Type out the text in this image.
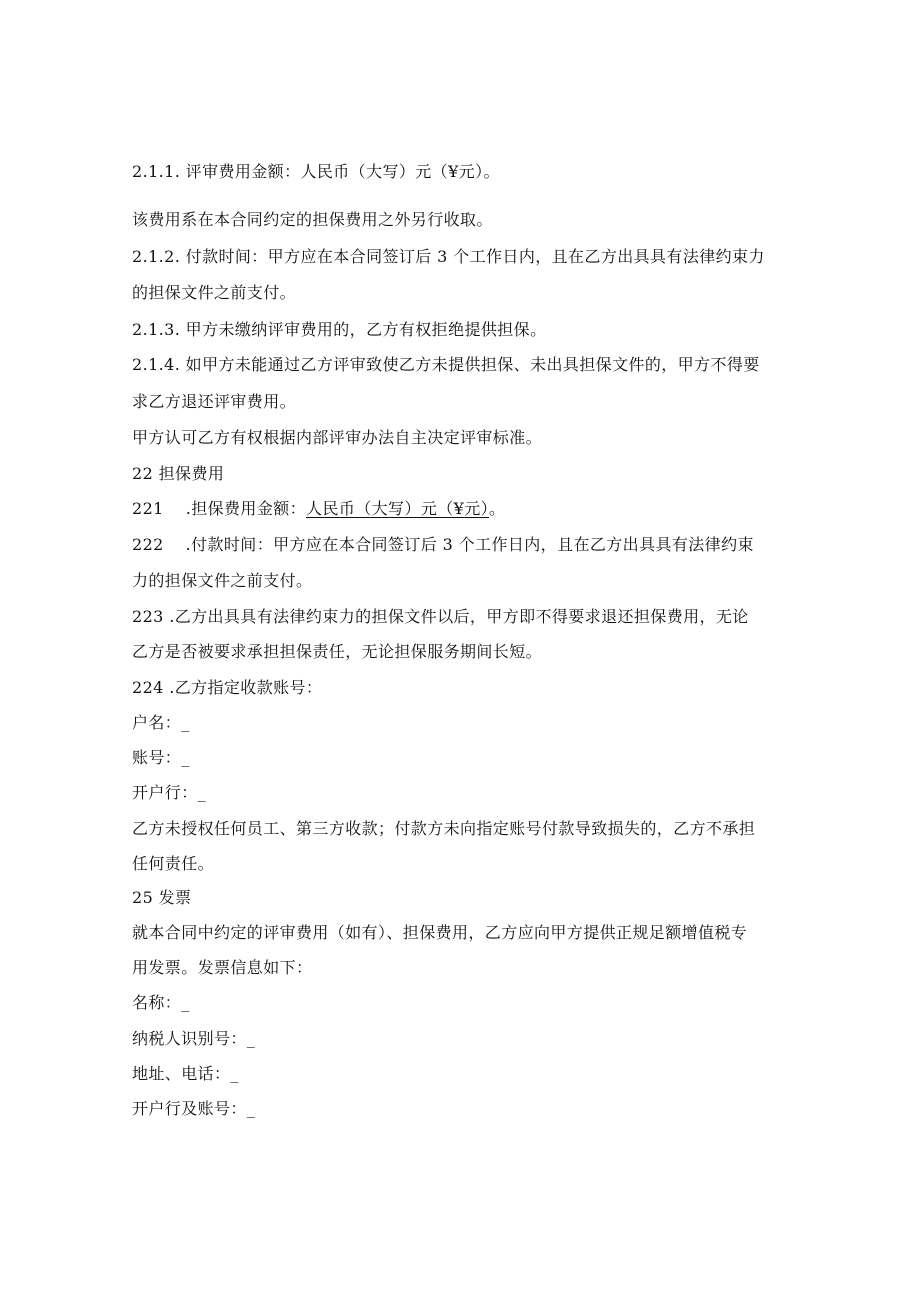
2.1.1. 评审费用金额：人民币（大写）元（¥元）。
该费用系在本合同约定的担保费用之外另行收取。
2.1.2. 付款时间：甲方应在本合同签订后 3 个工作日内，且在乙方出具具有法律约束力
的担保文件之前支付。
2.1.3. 甲方未缴纳评审费用的，乙方有权拒绝提供担保。
2.1.4. 如甲方未能通过乙方评审致使乙方未提供担保、未出具担保文件的，甲方不得要
求乙方退还评审费用。
甲方认可乙方有权根据内部评审办法自主决定评审标准。
22 担保费用
221 .担保费用金额：人民币（大写）元（¥元）。
222　 .付款时间：甲方应在本合同签订后 3 个工作日内，且在乙方出具具有法律约束
力的担保文件之前支付。
223 .乙方出具具有法律约束力的担保文件以后，甲方即不得要求退还担保费用，无论
乙方是否被要求承担担保责任，无论担保服务期间长短。
224 .乙方指定收款账号：
户名：_
账号：_
开户行：_
乙方未授权任何员工、第三方收款；付款方未向指定账号付款导致损失的，乙方不承担
任何责任。
25 发票
就本合同中约定的评审费用（如有）、担保费用，乙方应向甲方提供正规足额增值税专
用发票。发票信息如下：
名称：_
纳税人识别号：_
地址、电话：_
开户行及账号：_
